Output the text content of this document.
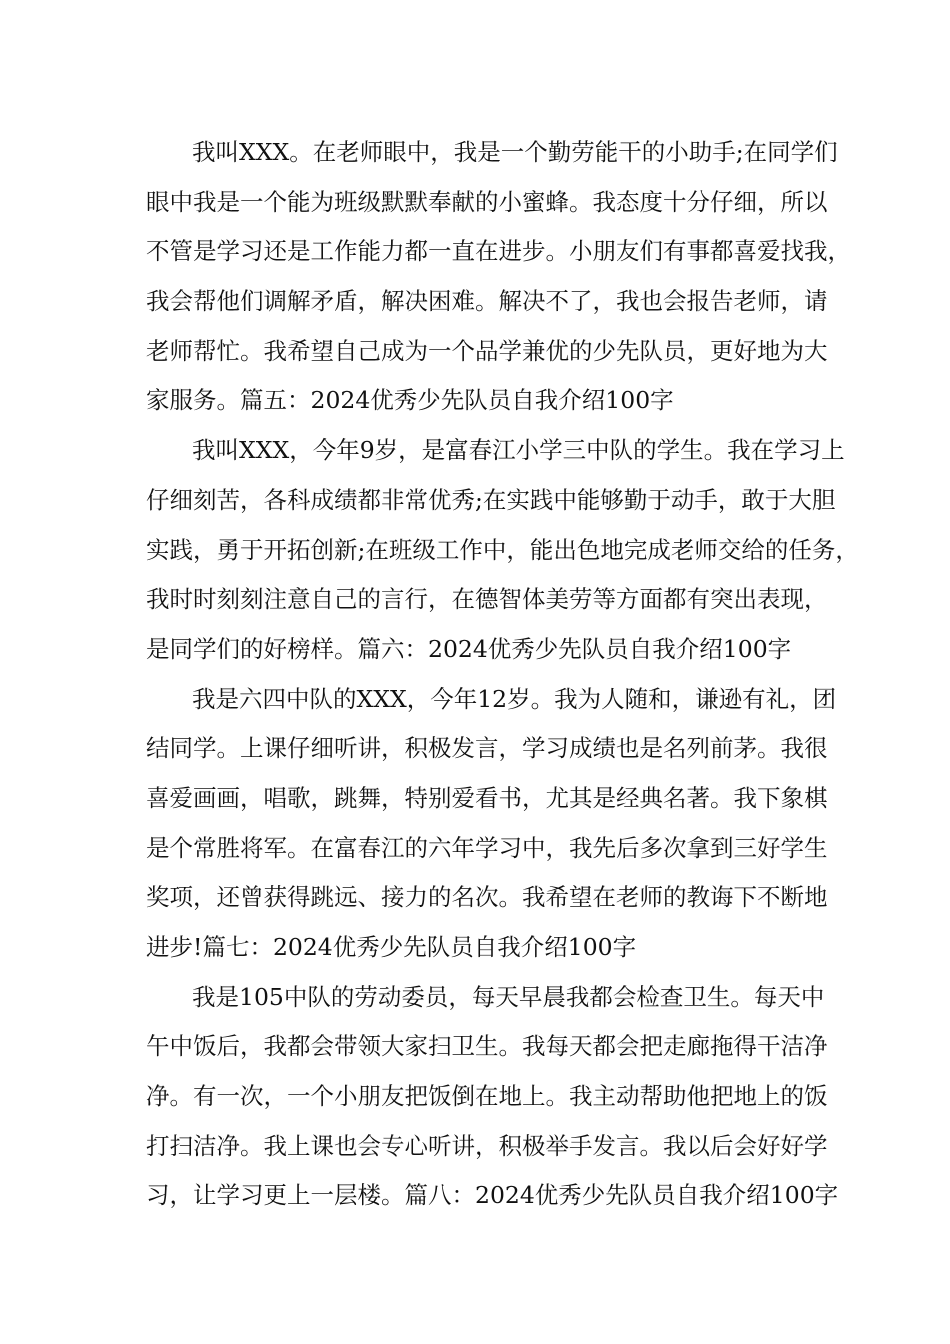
我叫XXX。在老师眼中，我是一个勤劳能干的小助手;在同学们
眼中我是一个能为班级默默奉献的小蜜蜂。我态度十分仔细，所以
不管是学习还是工作能力都一直在进步。小朋友们有事都喜爱找我，
我会帮他们调解矛盾，解决困难。解决不了，我也会报告老师，请
老师帮忙。我希望自己成为一个品学兼优的少先队员，更好地为大
家服务。篇五：2024优秀少先队员自我介绍100字
我叫XXX，今年9岁，是富春江小学三中队的学生。我在学习上
仔细刻苦，各科成绩都非常优秀;在实践中能够勤于动手，敢于大胆
实践，勇于开拓创新;在班级工作中，能出色地完成老师交给的任务，
我时时刻刻注意自己的言行，在德智体美劳等方面都有突出表现，
是同学们的好榜样。篇六：2024优秀少先队员自我介绍100字
我是六四中队的XXX，今年12岁。我为人随和，谦逊有礼，团
结同学。上课仔细听讲，积极发言，学习成绩也是名列前茅。我很
喜爱画画，唱歌，跳舞，特别爱看书，尤其是经典名著。我下象棋
是个常胜将军。在富春江的六年学习中，我先后多次拿到三好学生
奖项，还曾获得跳远、接力的名次。我希望在老师的教诲下不断地
进步!篇七：2024优秀少先队员自我介绍100字
我是105中队的劳动委员，每天早晨我都会检查卫生。每天中
午中饭后，我都会带领大家扫卫生。我每天都会把走廊拖得干洁净
净。有一次，一个小朋友把饭倒在地上。我主动帮助他把地上的饭
打扫洁净。我上课也会专心听讲，积极举手发言。我以后会好好学
习，让学习更上一层楼。篇八：2024优秀少先队员自我介绍100字
